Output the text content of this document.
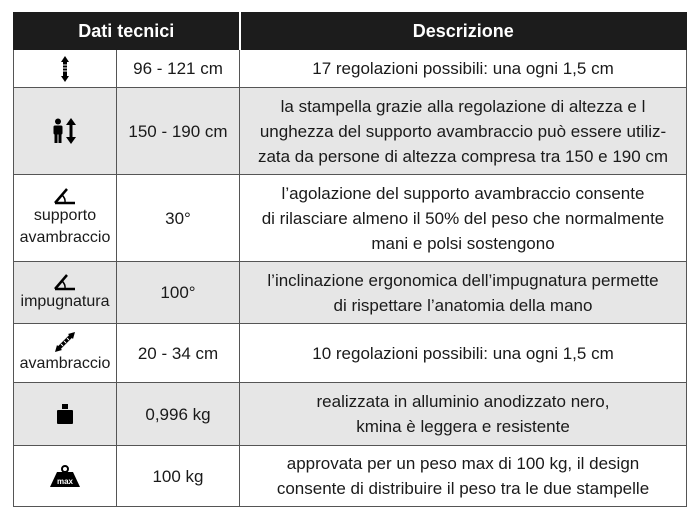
Dati tecnici		Descrizione

	96 - 121 cm	17 regolazioni possibili: una ogni 1,5 cm

	150 - 190 cm	la stampella grazie alla regolazione di altezza e l
unghezza del supporto avambraccio può essere utiliz-
zata da persone di altezza compresa tra 150 e 190 cm

supporto avambraccio	30°	l’agolazione del supporto avambraccio consente
di rilasciare almeno il 50% del peso che normalmente
mani e polsi sostengono

impugnatura	100°	l’inclinazione ergonomica dell’impugnatura permette
di rispettare l’anatomia della mano

avambraccio	20 - 34 cm	10 regolazioni possibili: una ogni 1,5 cm

	0,996 kg	realizzata in alluminio anodizzato nero,
kmina è leggera e resistente

max	100 kg	approvata per un peso max di 100 kg, il design
consente di distribuire il peso tra le due stampelle
